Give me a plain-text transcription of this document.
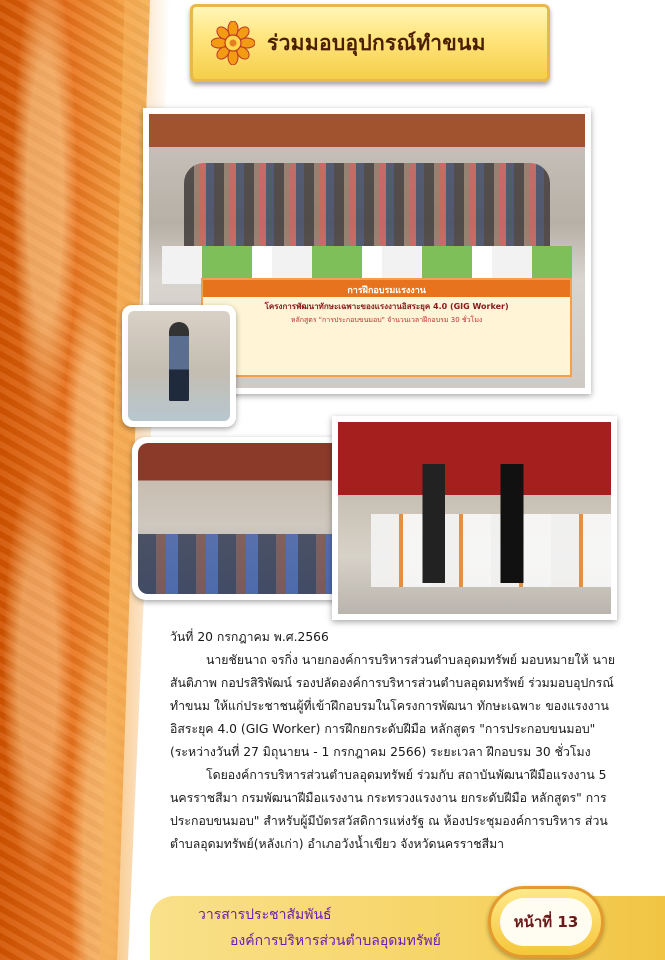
ร่วมมอบอุปกรณ์ทำขนม
การฝึกอบรมแรงงาน
โครงการพัฒนาทักษะเฉพาะของแรงงานอิสระยุค 4.0 (GIG Worker)
หลักสูตร "การประกอบขนมอบ" จำนวนเวลาฝึกอบรม 30 ชั่วโมง
วันที่ 20 กรกฎาคม พ.ศ.2566

นายชัยนาถ จรกิ่ง นายกองค์การบริหารส่วนตำบลอุดมทรัพย์ มอบหมายให้ นายสันติภาพ กอปรสิริพัฒน์ รองปลัดองค์การบริหารส่วนตำบลอุดมทรัพย์ ร่วมมอบอุปกรณ์ทำขนม ให้แก่ประชาชนผู้ที่เข้าฝึกอบรมในโครงการพัฒนา ทักษะเฉพาะ ของแรงงานอิสระยุค 4.0 (GIG Worker) การฝึกยกระดับฝีมือ หลักสูตร "การประกอบขนมอบ" (ระหว่างวันที่ 27 มิถุนายน - 1 กรกฎาคม 2566) ระยะเวลา ฝึกอบรม 30 ชั่วโมง

โดยองค์การบริหารส่วนตำบลอุดมทรัพย์ ร่วมกับ สถาบันพัฒนาฝีมือแรงงาน 5 นครราชสีมา กรมพัฒนาฝีมือแรงงาน กระทรวงแรงงาน ยกระดับฝีมือ หลักสูตร" การประกอบขนมอบ" สำหรับผู้มีบัตรสวัสดิการแห่งรัฐ ณ ห้องประชุมองค์การบริหาร ส่วนตำบลอุดมทรัพย์(หลังเก่า) อำเภอวังน้ำเขียว จังหวัดนครราชสีมา

วารสารประชาสัมพันธ์
องค์การบริหารส่วนตำบลอุดมทรัพย์
หน้าที่ 13
